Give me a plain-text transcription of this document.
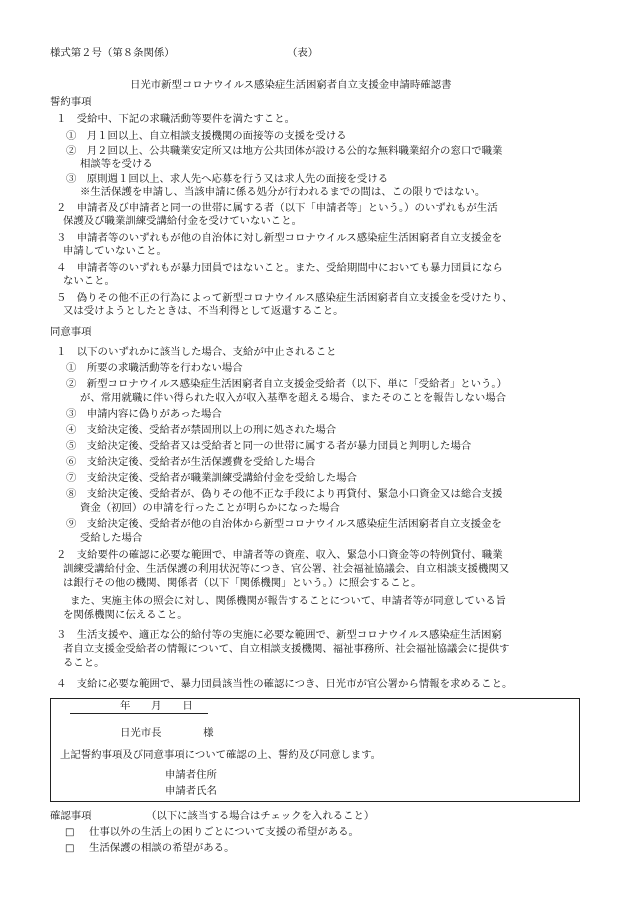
様式第２号（第８条関係）	（表）
日光市新型コロナウイルス感染症生活困窮者自立支援金申請時確認書
誓約事項
１　受給中、下記の求職活動等要件を満たすこと。
①　月１回以上、自立相談支援機関の面接等の支援を受ける
②　月２回以上、公共職業安定所又は地方公共団体が設ける公的な無料職業紹介の窓口で職業
相談等を受ける
③　原則週１回以上、求人先へ応募を行う又は求人先の面接を受ける
※生活保護を申請し、当該申請に係る処分が行われるまでの間は、この限りではない。
２　申請者及び申請者と同一の世帯に属する者（以下「申請者等」という。）のいずれもが生活
保護及び職業訓練受講給付金を受けていないこと。
３　申請者等のいずれもが他の自治体に対し新型コロナウイルス感染症生活困窮者自立支援金を
申請していないこと。
４　申請者等のいずれもが暴力団員ではないこと。また、受給期間中においても暴力団員になら
ないこと。
５　偽りその他不正の行為によって新型コロナウイルス感染症生活困窮者自立支援金を受けたり、
又は受けようとしたときは、不当利得として返還すること。
同意事項
１　以下のいずれかに該当した場合、支給が中止されること
①　所要の求職活動等を行わない場合
②　新型コロナウイルス感染症生活困窮者自立支援金受給者（以下、単に「受給者」という。）
が、常用就職に伴い得られた収入が収入基準を超える場合、またそのことを報告しない場合
③　申請内容に偽りがあった場合
④　支給決定後、受給者が禁固刑以上の刑に処された場合
⑤　支給決定後、受給者又は受給者と同一の世帯に属する者が暴力団員と判明した場合
⑥　支給決定後、受給者が生活保護費を受給した場合
⑦　支給決定後、受給者が職業訓練受講給付金を受給した場合
⑧　支給決定後、受給者が、偽りその他不正な手段により再貸付、緊急小口資金又は総合支援
資金（初回）の申請を行ったことが明らかになった場合
⑨　支給決定後、受給者が他の自治体から新型コロナウイルス感染症生活困窮者自立支援金を
受給した場合
２　支給要件の確認に必要な範囲で、申請者等の資産、収入、緊急小口資金等の特例貸付、職業
訓練受講給付金、生活保護の利用状況等につき、官公署、社会福祉協議会、自立相談支援機関又
は銀行その他の機関、関係者（以下「関係機関」という。）に照会すること。
また、実施主体の照会に対し、関係機関が報告することについて、申請者等が同意している旨
を関係機関に伝えること。
３　生活支援や、適正な公的給付等の実施に必要な範囲で、新型コロナウイルス感染症生活困窮
者自立支援金受給者の情報について、自立相談支援機関、福祉事務所、社会福祉協議会に提供す
ること。
４　支給に必要な範囲で、暴力団員該当性の確認につき、日光市が官公署から情報を求めること。
年　　月　　日
日光市長　　　　様
上記誓約事項及び同意事項について確認の上、誓約及び同意します。
申請者住所
申請者氏名
確認事項	（以下に該当する場合はチェックを入れること）
□ 仕事以外の生活上の困りごとについて支援の希望がある。
□ 生活保護の相談の希望がある。
